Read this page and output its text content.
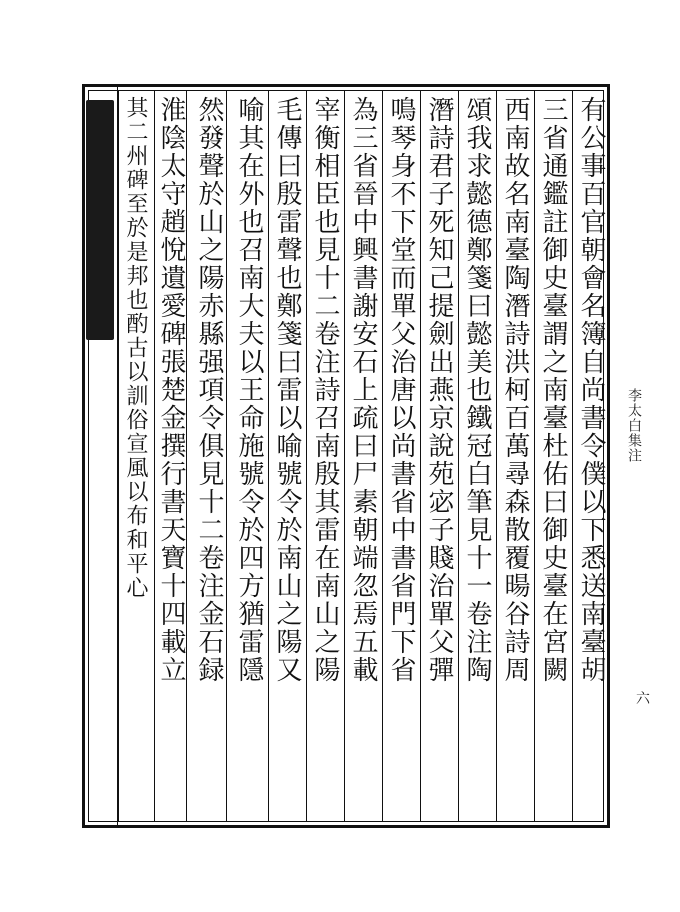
有公事百官朝會名簿自尚書令僕以下悉送南臺胡
三省通鑑註御史臺謂之南臺杜佑曰御史臺在宮闕
西南故名南臺陶潛詩洪柯百萬尋森散覆暘谷詩周
頌我求懿德鄭箋曰懿美也鐵冠白筆見十一卷注陶
潛詩君子死知己提劍出燕京說苑宓子賤治單父彈
鳴琴身不下堂而單父治唐以尚書省中書省門下省
為三省晉中興書謝安石上疏曰尸素朝端忽焉五載
宰衡相臣也見十二卷注詩召南殷其雷在南山之陽
毛傳曰殷雷聲也鄭箋曰雷以喻號令於南山之陽又
喻其在外也召南大夫以王命施號令於四方猶雷隱
然發聲於山之陽赤縣强項令俱見十二卷注金石録
淮陰太守趙悅遺愛碑張楚金撰行書天寶十四載立
其二州碑至於是邦也酌古以訓俗宣風以布和平心	李太白集注
六
